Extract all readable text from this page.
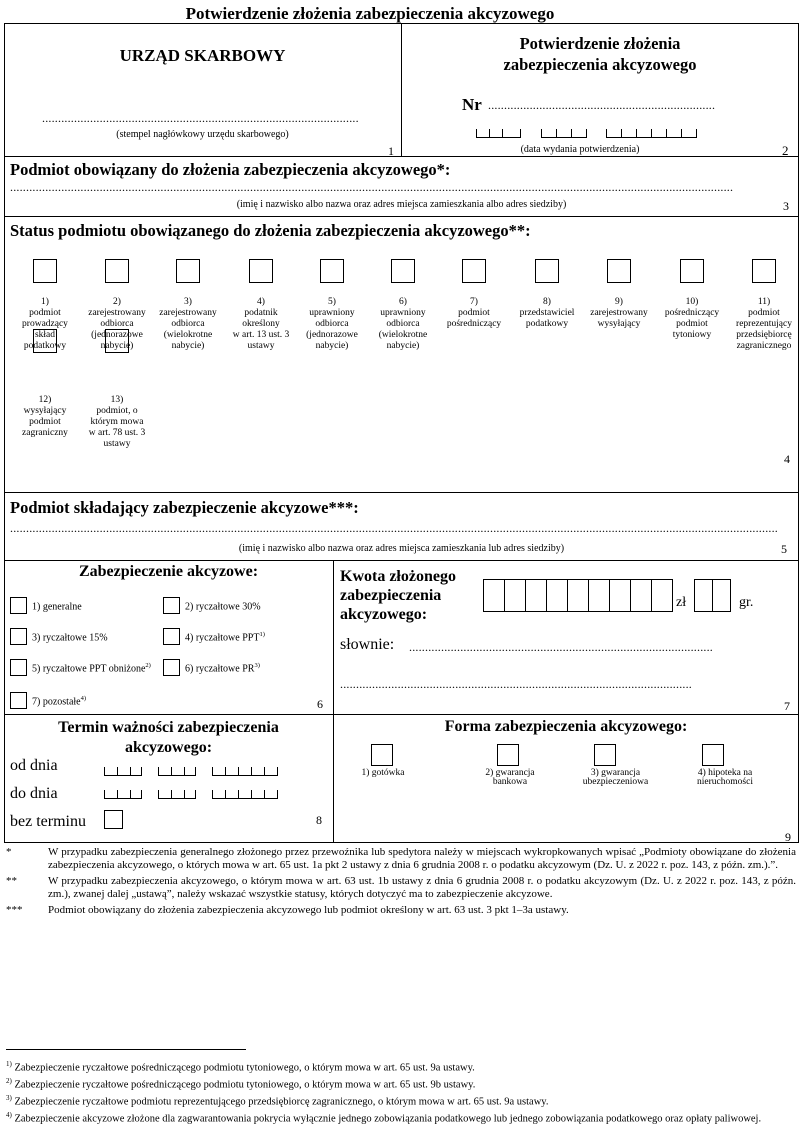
Potwierdzenie złożenia zabezpieczenia akcyzowego
URZĄD SKARBOWY
...................................................................................................
(stempel nagłówkowy urzędu skarbowego)
1
Potwierdzenie złożenia
zabezpieczenia akcyzowego
Nr .......................................................................
(data wydania potwierdzenia)	2
Podmiot obowiązany do złożenia zabezpieczenia akcyzowego*:
..................................................................................................................................................................................................................................
(imię i nazwisko albo nazwa oraz adres miejsca zamieszkania albo adres siedziby)	3
Status podmiotu obowiązanego do złożenia zabezpieczenia akcyzowego**:
1)
podmiot
prowadzący
skład
podatkowy
2)
zarejestrowany
odbiorca
(jednorazowe
nabycie)
3)
zarejestrowany
odbiorca
(wielokrotne
nabycie)
4)
podatnik
określony
w art. 13 ust. 3
ustawy
5)
uprawniony
odbiorca
(jednorazowe
nabycie)
6)
uprawniony
odbiorca
(wielokrotne
nabycie)
7)
podmiot
pośredniczący
8)
przedstawiciel
podatkowy
9)
zarejestrowany
wysyłający
10)
pośredniczący
podmiot
tytoniowy
11)
podmiot
reprezentujący
przedsiębiorcę
zagranicznego
12)
wysyłający
podmiot
zagraniczny
13)
podmiot, o
którym mowa
w art. 78 ust. 3
ustawy
4
Podmiot składający zabezpieczenie akcyzowe***:
................................................................................................................................................................................................................................................
(imię i nazwisko albo nazwa oraz adres miejsca zamieszkania lub adres siedziby)	5
Zabezpieczenie akcyzowe:
1) generalne	2) ryczałtowe 30%
3) ryczałtowe 15%	4) ryczałtowe PPT$^{1)}$
5) ryczałtowe PPT obniżone$^{2)}$	6) ryczałtowe PR$^{3)}$
7) pozostałe$^{4)}$	6
Kwota złożonego
zabezpieczenia
akcyzowego:
zł	gr.
słownie: ...............................................................................................
..............................................................................................................
7
Termin ważności zabezpieczenia
akcyzowego:
od dnia
do dnia
bez terminu	8
Forma zabezpieczenia akcyzowego:
1) gotówka	2) gwarancja
bankowa
3) gwarancja
ubezpieczeniowa
4) hipoteka na
nieruchomości
9
*	W przypadku zabezpieczenia generalnego złożonego przez przewoźnika lub spedytora należy w miejscach wykropkowanych wpisać „Podmioty obowiązane do złożenia zabezpieczenia akcyzowego, o których mowa w art. 65 ust. 1a pkt 2 ustawy z dnia 6 grudnia 2008 r. o podatku akcyzowym (Dz. U. z 2022 r. poz. 143, z późn. zm.).”.
**	W przypadku zabezpieczenia akcyzowego, o którym mowa w art. 63 ust. 1b ustawy z dnia 6 grudnia 2008 r. o podatku akcyzowym (Dz. U. z 2022 r. poz. 143, z późn. zm.), zwanej dalej „ustawą”, należy wskazać wszystkie statusy, których dotyczyć ma to zabezpieczenie akcyzowe.
***	Podmiot obowiązany do złożenia zabezpieczenia akcyzowego lub podmiot określony w art. 63 ust. 3 pkt 1–3a ustawy.
$^{1)}$ Zabezpieczenie ryczałtowe pośredniczącego podmiotu tytoniowego, o którym mowa w art. 65 ust. 9a ustawy.
$^{2)}$ Zabezpieczenie ryczałtowe pośredniczącego podmiotu tytoniowego, o którym mowa w art. 65 ust. 9b ustawy.
$^{3)}$ Zabezpieczenie ryczałtowe podmiotu reprezentującego przedsiębiorcę zagranicznego, o którym mowa w art. 65 ust. 9a ustawy.
$^{4)}$ Zabezpieczenie akcyzowe złożone dla zagwarantowania pokrycia wyłącznie jednego zobowiązania podatkowego lub jednego zobowiązania podatkowego oraz opłaty paliwowej.
